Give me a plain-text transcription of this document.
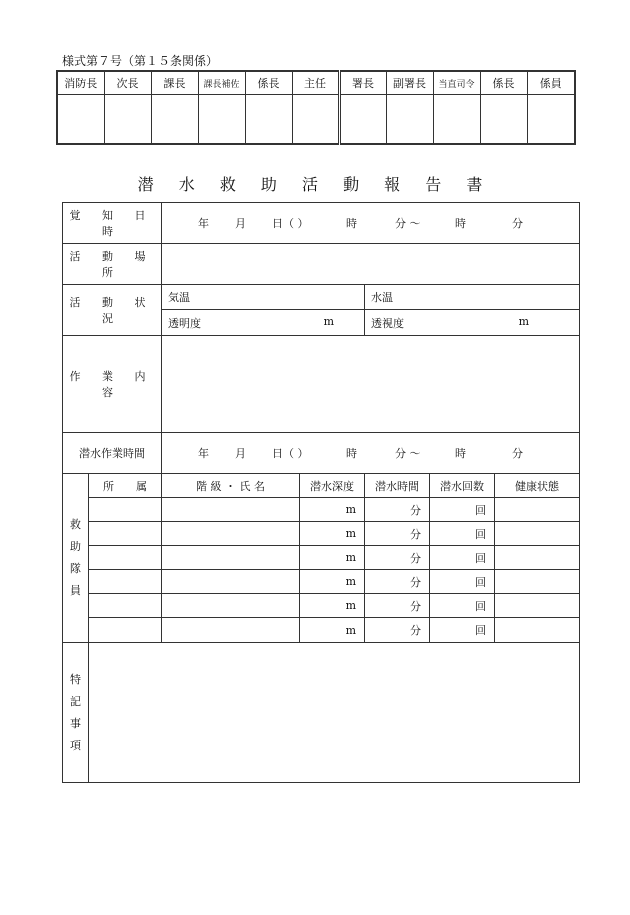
様式第７号（第１５条関係）
消防長	次長	課長	課長補佐	係長	主任	署長	副署長	当直司令	係長	係員

潜 水 救 助 活 動 報 告 書
覚 知 日 時		年 月 日（ ） 時 分 〜 時 分				
活 動 場 所						
活 動 状 況		気温		水温		
		透明度 m		透視度 m		

作 業 内 容						
潜水作業時間		年 月 日（ ） 時 分 〜 時 分				

救
助
隊
員	所　　属	階 級 ・ 氏 名	潜水深度	潜水時間	潜水回数	健康状態
			m	分	回	
			m	分	回	
			m	分	回	
			m	分	回	
			m	分	回	
			m	分	回	

特
記
事
項						
